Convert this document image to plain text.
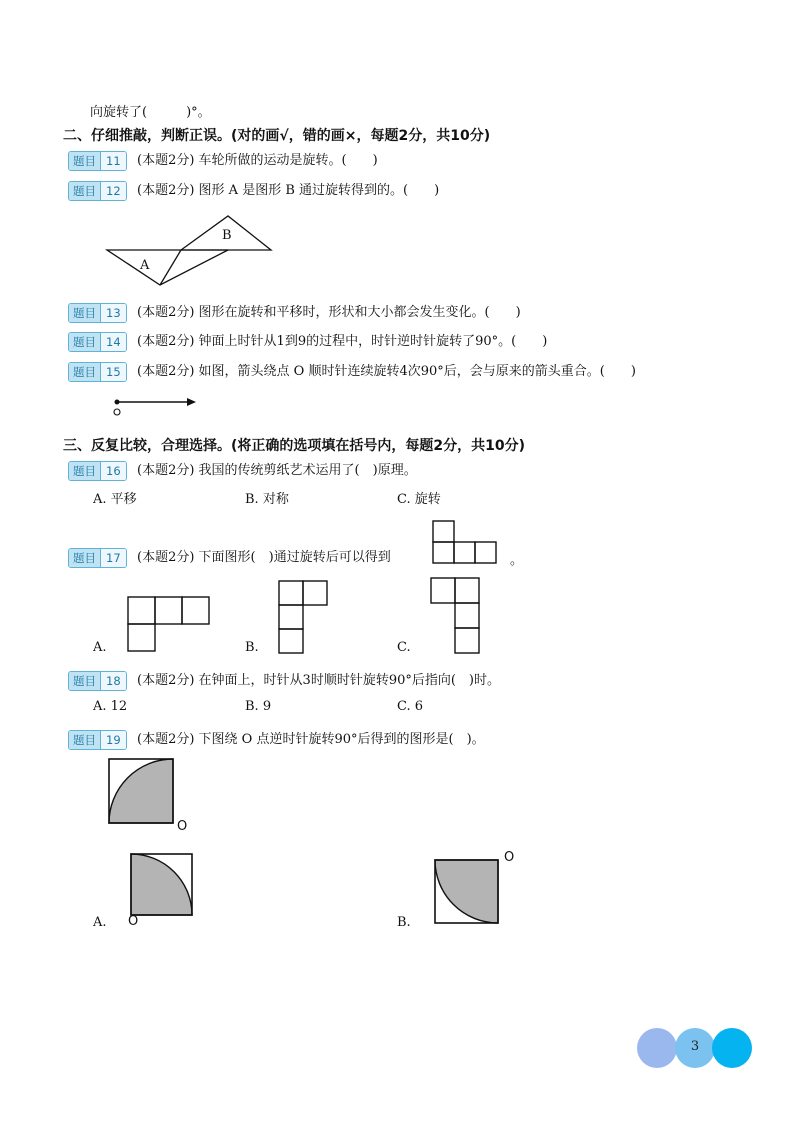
向旋转了(　　　)°。
二、仔细推敲，判断正误。(对的画√，错的画×，每题2分，共10分)
题目 11	(本题2分) 车轮所做的运动是旋转。(　　)
题目 12	(本题2分) 图形 A 是图形 B 通过旋转得到的。(　　)
A
B
题目 13	(本题2分) 图形在旋转和平移时，形状和大小都会发生变化。(　　)
题目 14	(本题2分) 钟面上时针从1到9的过程中，时针逆时针旋转了90°。(　　)
题目 15	(本题2分) 如图，箭头绕点 O 顺时针连续旋转4次90°后，会与原来的箭头重合。(　　)
三、反复比较，合理选择。(将正确的选项填在括号内，每题2分，共10分)
题目 16	(本题2分) 我国的传统剪纸艺术运用了(　)原理。
A. 平移	B. 对称	C. 旋转
题目 17	(本题2分) 下面图形(　)通过旋转后可以得到	。
A.	B.	C.
题目 18	(本题2分) 在钟面上，时针从3时顺时针旋转90°后指向(　)时。
A. 12	B. 9	C. 6
题目 19	(本题2分) 下图绕 O 点逆时针旋转90°后得到的图形是(　)。
O
O
O
A.	B.
3
